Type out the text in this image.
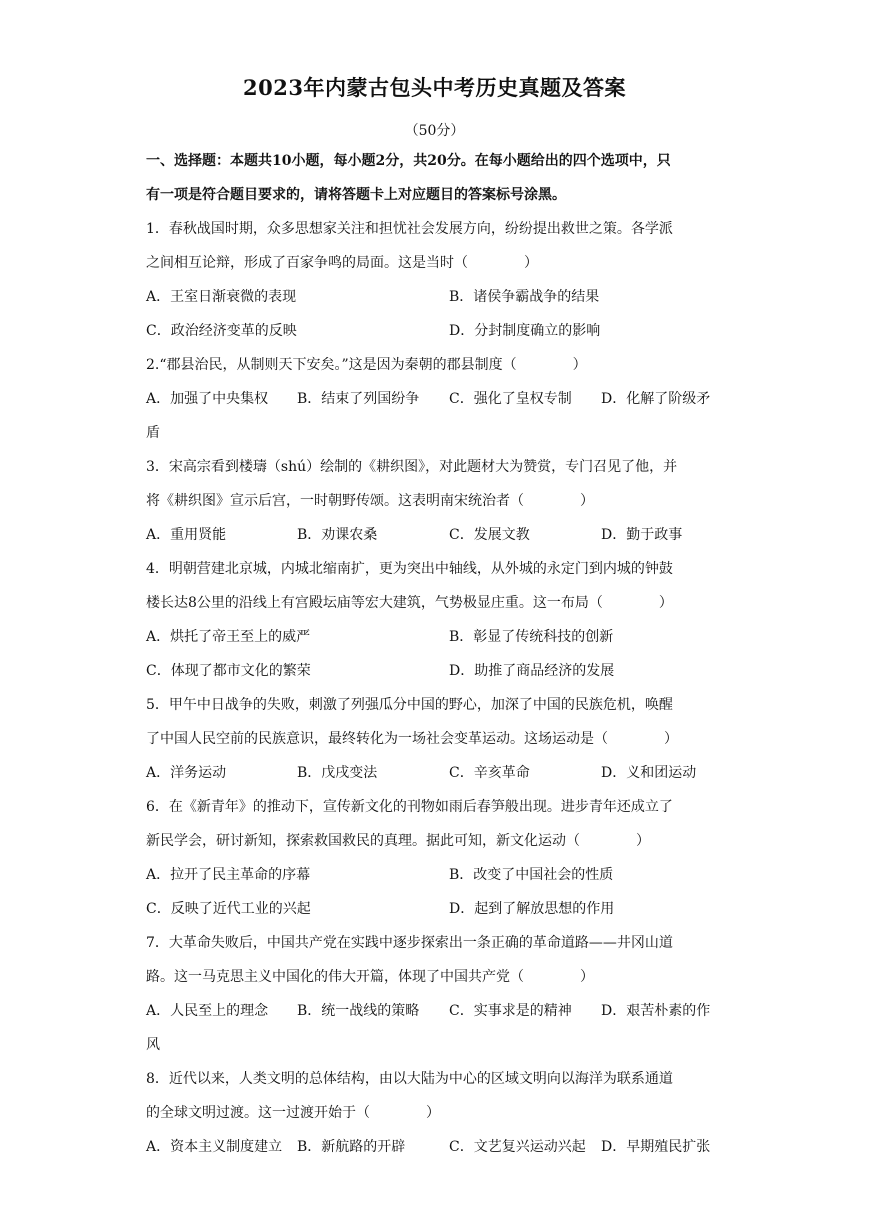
2023年内蒙古包头中考历史真题及答案
（50分）
一、选择题：本题共10小题，每小题2分，共20分。在每小题给出的四个选项中，只
有一项是符合题目要求的，请将答题卡上对应题目的答案标号涂黑。
1．春秋战国时期，众多思想家关注和担忧社会发展方向，纷纷提出救世之策。各学派
之间相互论辩，形成了百家争鸣的局面。这是当时（　　　　）
A．王室日渐衰微的表现	B．诸侯争霸战争的结果
C．政治经济变革的反映	D．分封制度确立的影响
2.“郡县治民，从制则天下安矣。”这是因为秦朝的郡县制度（　　　　）
A．加强了中央集权 B．结束了列国纷争 C．强化了皇权专制 D．化解了阶级矛
盾
3．宋高宗看到楼璹（shú）绘制的《耕织图》，对此题材大为赞赏，专门召见了他，并
将《耕织图》宣示后宫，一时朝野传颂。这表明南宋统治者（　　　　）
A．重用贤能	B．劝课农桑	C．发展文教	D．勤于政事
4．明朝营建北京城，内城北缩南扩，更为突出中轴线，从外城的永定门到内城的钟鼓
楼长达8公里的沿线上有宫殿坛庙等宏大建筑，气势极显庄重。这一布局（　　　　）
A．烘托了帝王至上的威严	B．彰显了传统科技的创新
C．体现了都市文化的繁荣	D．助推了商品经济的发展
5．甲午中日战争的失败，刺激了列强瓜分中国的野心，加深了中国的民族危机，唤醒
了中国人民空前的民族意识，最终转化为一场社会变革运动。这场运动是（　　　　）
A．洋务运动	B．戊戌变法	C．辛亥革命	D．义和团运动
6．在《新青年》的推动下，宣传新文化的刊物如雨后春笋般出现。进步青年还成立了
新民学会，研讨新知，探索救国救民的真理。据此可知，新文化运动（　　　　）
A．拉开了民主革命的序幕	B．改变了中国社会的性质
C．反映了近代工业的兴起	D．起到了解放思想的作用
7．大革命失败后，中国共产党在实践中逐步探索出一条正确的革命道路——井冈山道
路。这一马克思主义中国化的伟大开篇，体现了中国共产党（　　　　）
A．人民至上的理念 B．统一战线的策略 C．实事求是的精神 D．艰苦朴素的作
风
8．近代以来，人类文明的总体结构，由以大陆为中心的区域文明向以海洋为联系通道
的全球文明过渡。这一过渡开始于（　　　　）
A．资本主义制度建立 B．新航路的开辟	C．文艺复兴运动兴起 D．早期殖民扩张
